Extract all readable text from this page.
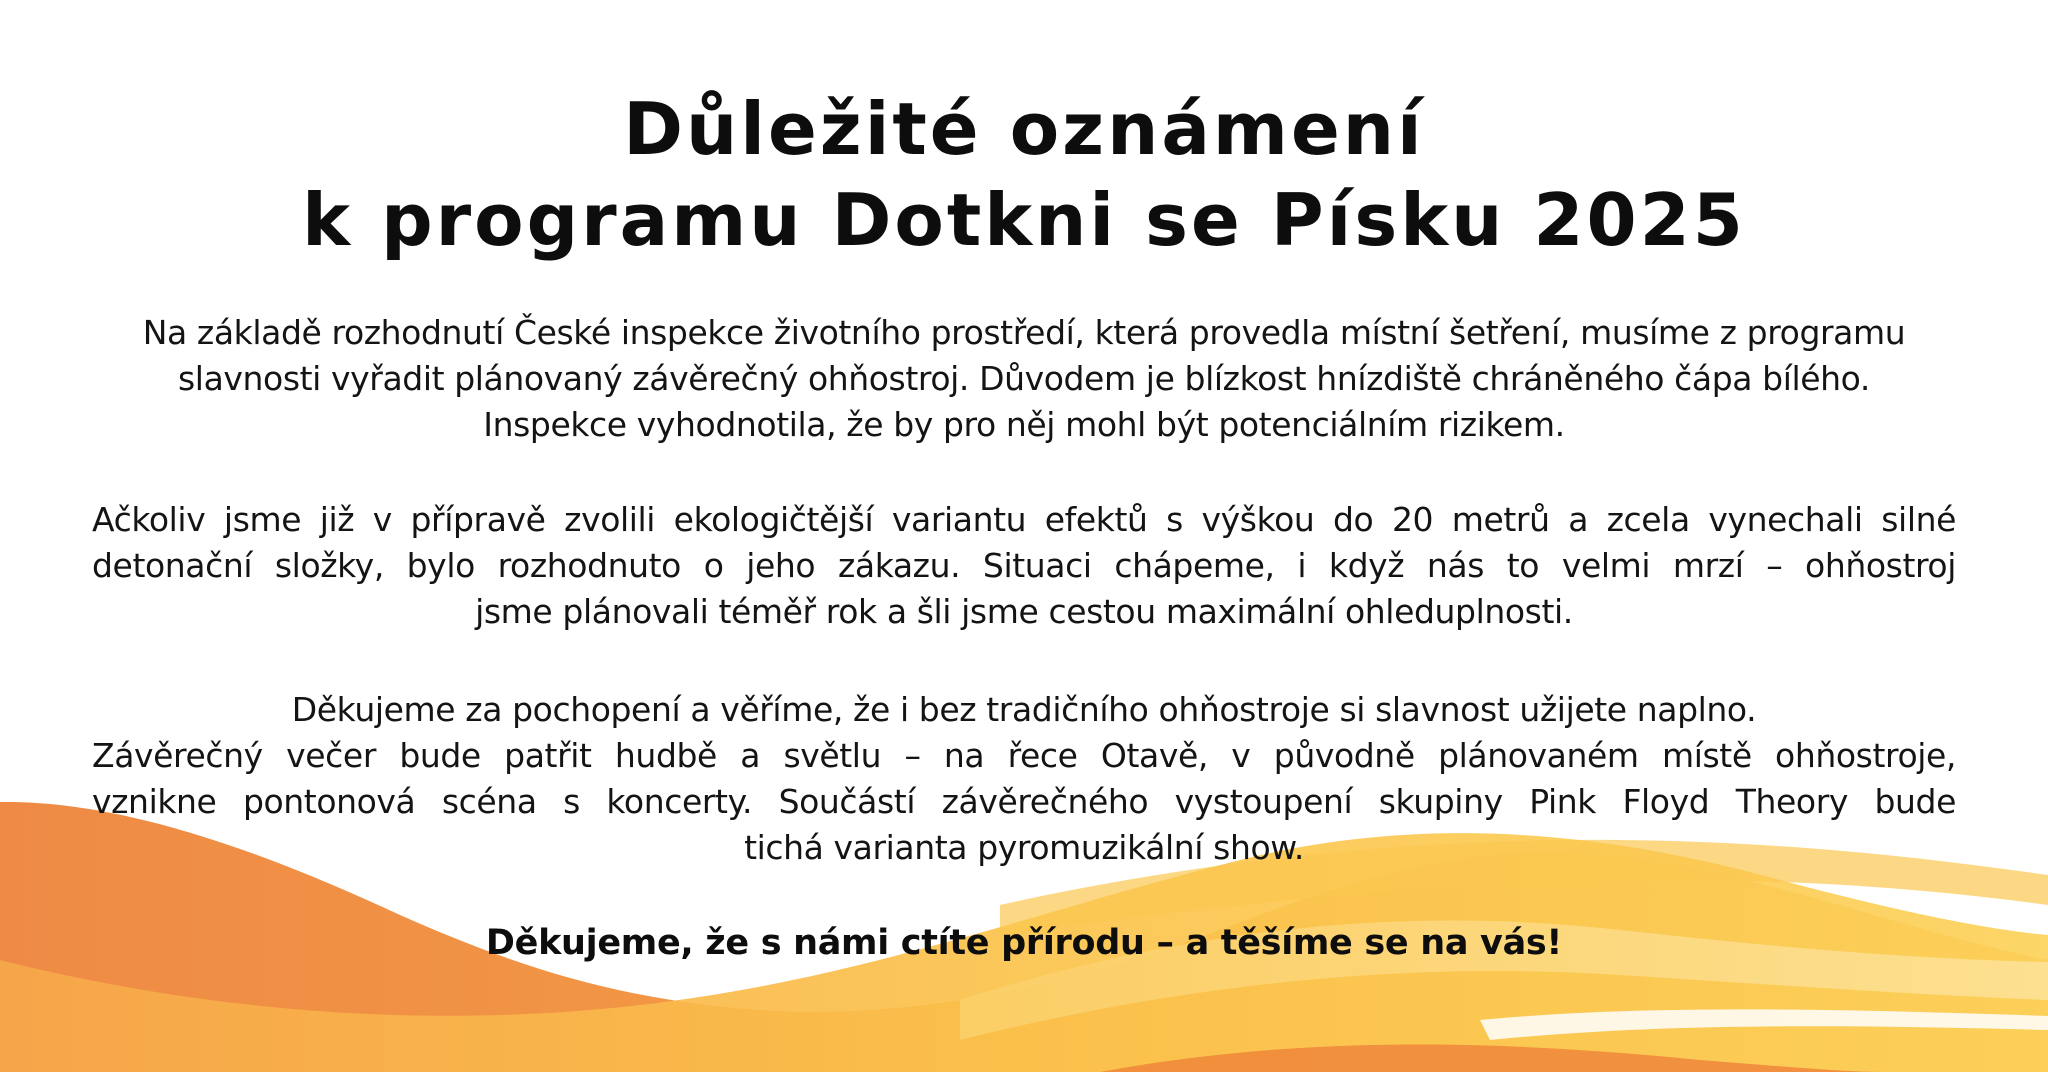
Důležité oznámení
k programu Dotkni se Písku 2025

Na základě rozhodnutí České inspekce životního prostředí, která provedla místní šetření, musíme z programu
slavnosti vyřadit plánovaný závěrečný ohňostroj. Důvodem je blízkost hnízdiště chráněného čápa bílého.
Inspekce vyhodnotila, že by pro něj mohl být potenciálním rizikem.

Ačkoliv jsme již v přípravě zvolili ekologičtější variantu efektů s výškou do 20 metrů a zcela vynechali silné
detonační složky, bylo rozhodnuto o jeho zákazu. Situaci chápeme, i když nás to velmi mrzí – ohňostroj
jsme plánovali téměř rok a šli jsme cestou maximální ohleduplnosti.

Děkujeme za pochopení a věříme, že i bez tradičního ohňostroje si slavnost užijete naplno.
Závěrečný večer bude patřit hudbě a světlu – na řece Otavě, v původně plánovaném místě ohňostroje,
vznikne pontonová scéna s koncerty. Součástí závěrečného vystoupení skupiny Pink Floyd Theory bude
tichá varianta pyromuzikální show.

Děkujeme, že s námi ctíte přírodu – a těšíme se na vás!
